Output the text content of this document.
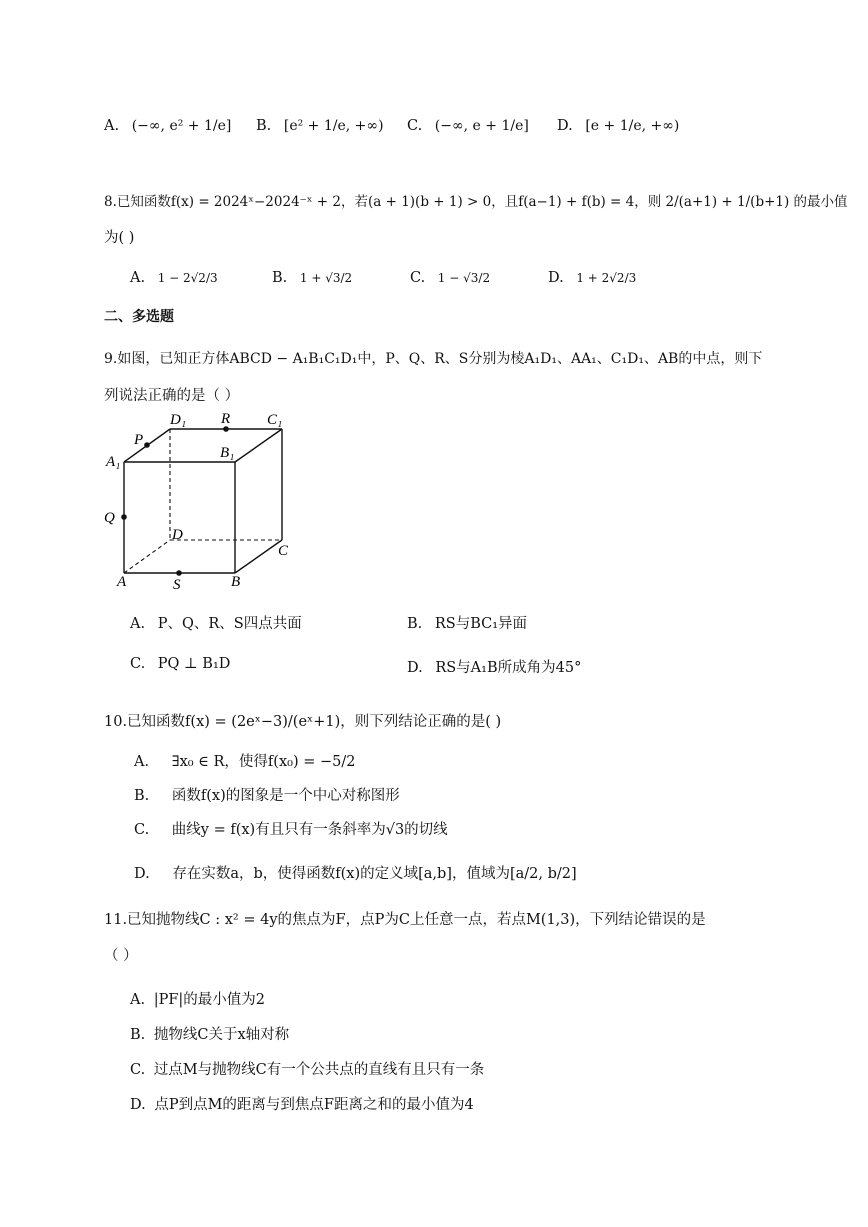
A. (−∞, e² + 1/e] B. [e² + 1/e, +∞) C. (−∞, e + 1/e] D. [e + 1/e, +∞)
8.已知函数f(x) = 2024ˣ−2024⁻ˣ + 2，若(a + 1)(b + 1) > 0，且f(a−1) + f(b) = 4，则 2/(a+1) + 1/(b+1) 的最小值
为( )
A. 1 − 2√2/3	B. 1 + √3/2	C. 1 − √3/2	D. 1 + 2√2/3
二、多选题
9.如图，已知正方体ABCD − A₁B₁C₁D₁中，P、Q、R、S分别为棱A₁D₁、AA₁、C₁D₁、AB的中点，则下
列说法正确的是（ ）
D₁ R C₁
P
B₁
A₁
Q
D
C
A	S	B
A. P、Q、R、S四点共面	B. RS与BC₁异面
C. PQ ⊥ B₁D	D. RS与A₁B所成角为45°
10.已知函数f(x) = (2eˣ−3)/(eˣ+1)，则下列结论正确的是( )
A. ∃x₀ ∈ R，使得f(x₀) = −5/2
B. 函数f(x)的图象是一个中心对称图形
C. 曲线y = f(x)有且只有一条斜率为√3的切线
D. 存在实数a，b，使得函数f(x)的定义域[a,b]，值域为[a/2, b/2]
11.已知抛物线C : x² = 4y的焦点为F，点P为C上任意一点，若点M(1,3)，下列结论错误的是
（ ）
A. |PF|的最小值为2
B. 抛物线C关于x轴对称
C. 过点M与抛物线C有一个公共点的直线有且只有一条
D. 点P到点M的距离与到焦点F距离之和的最小值为4
